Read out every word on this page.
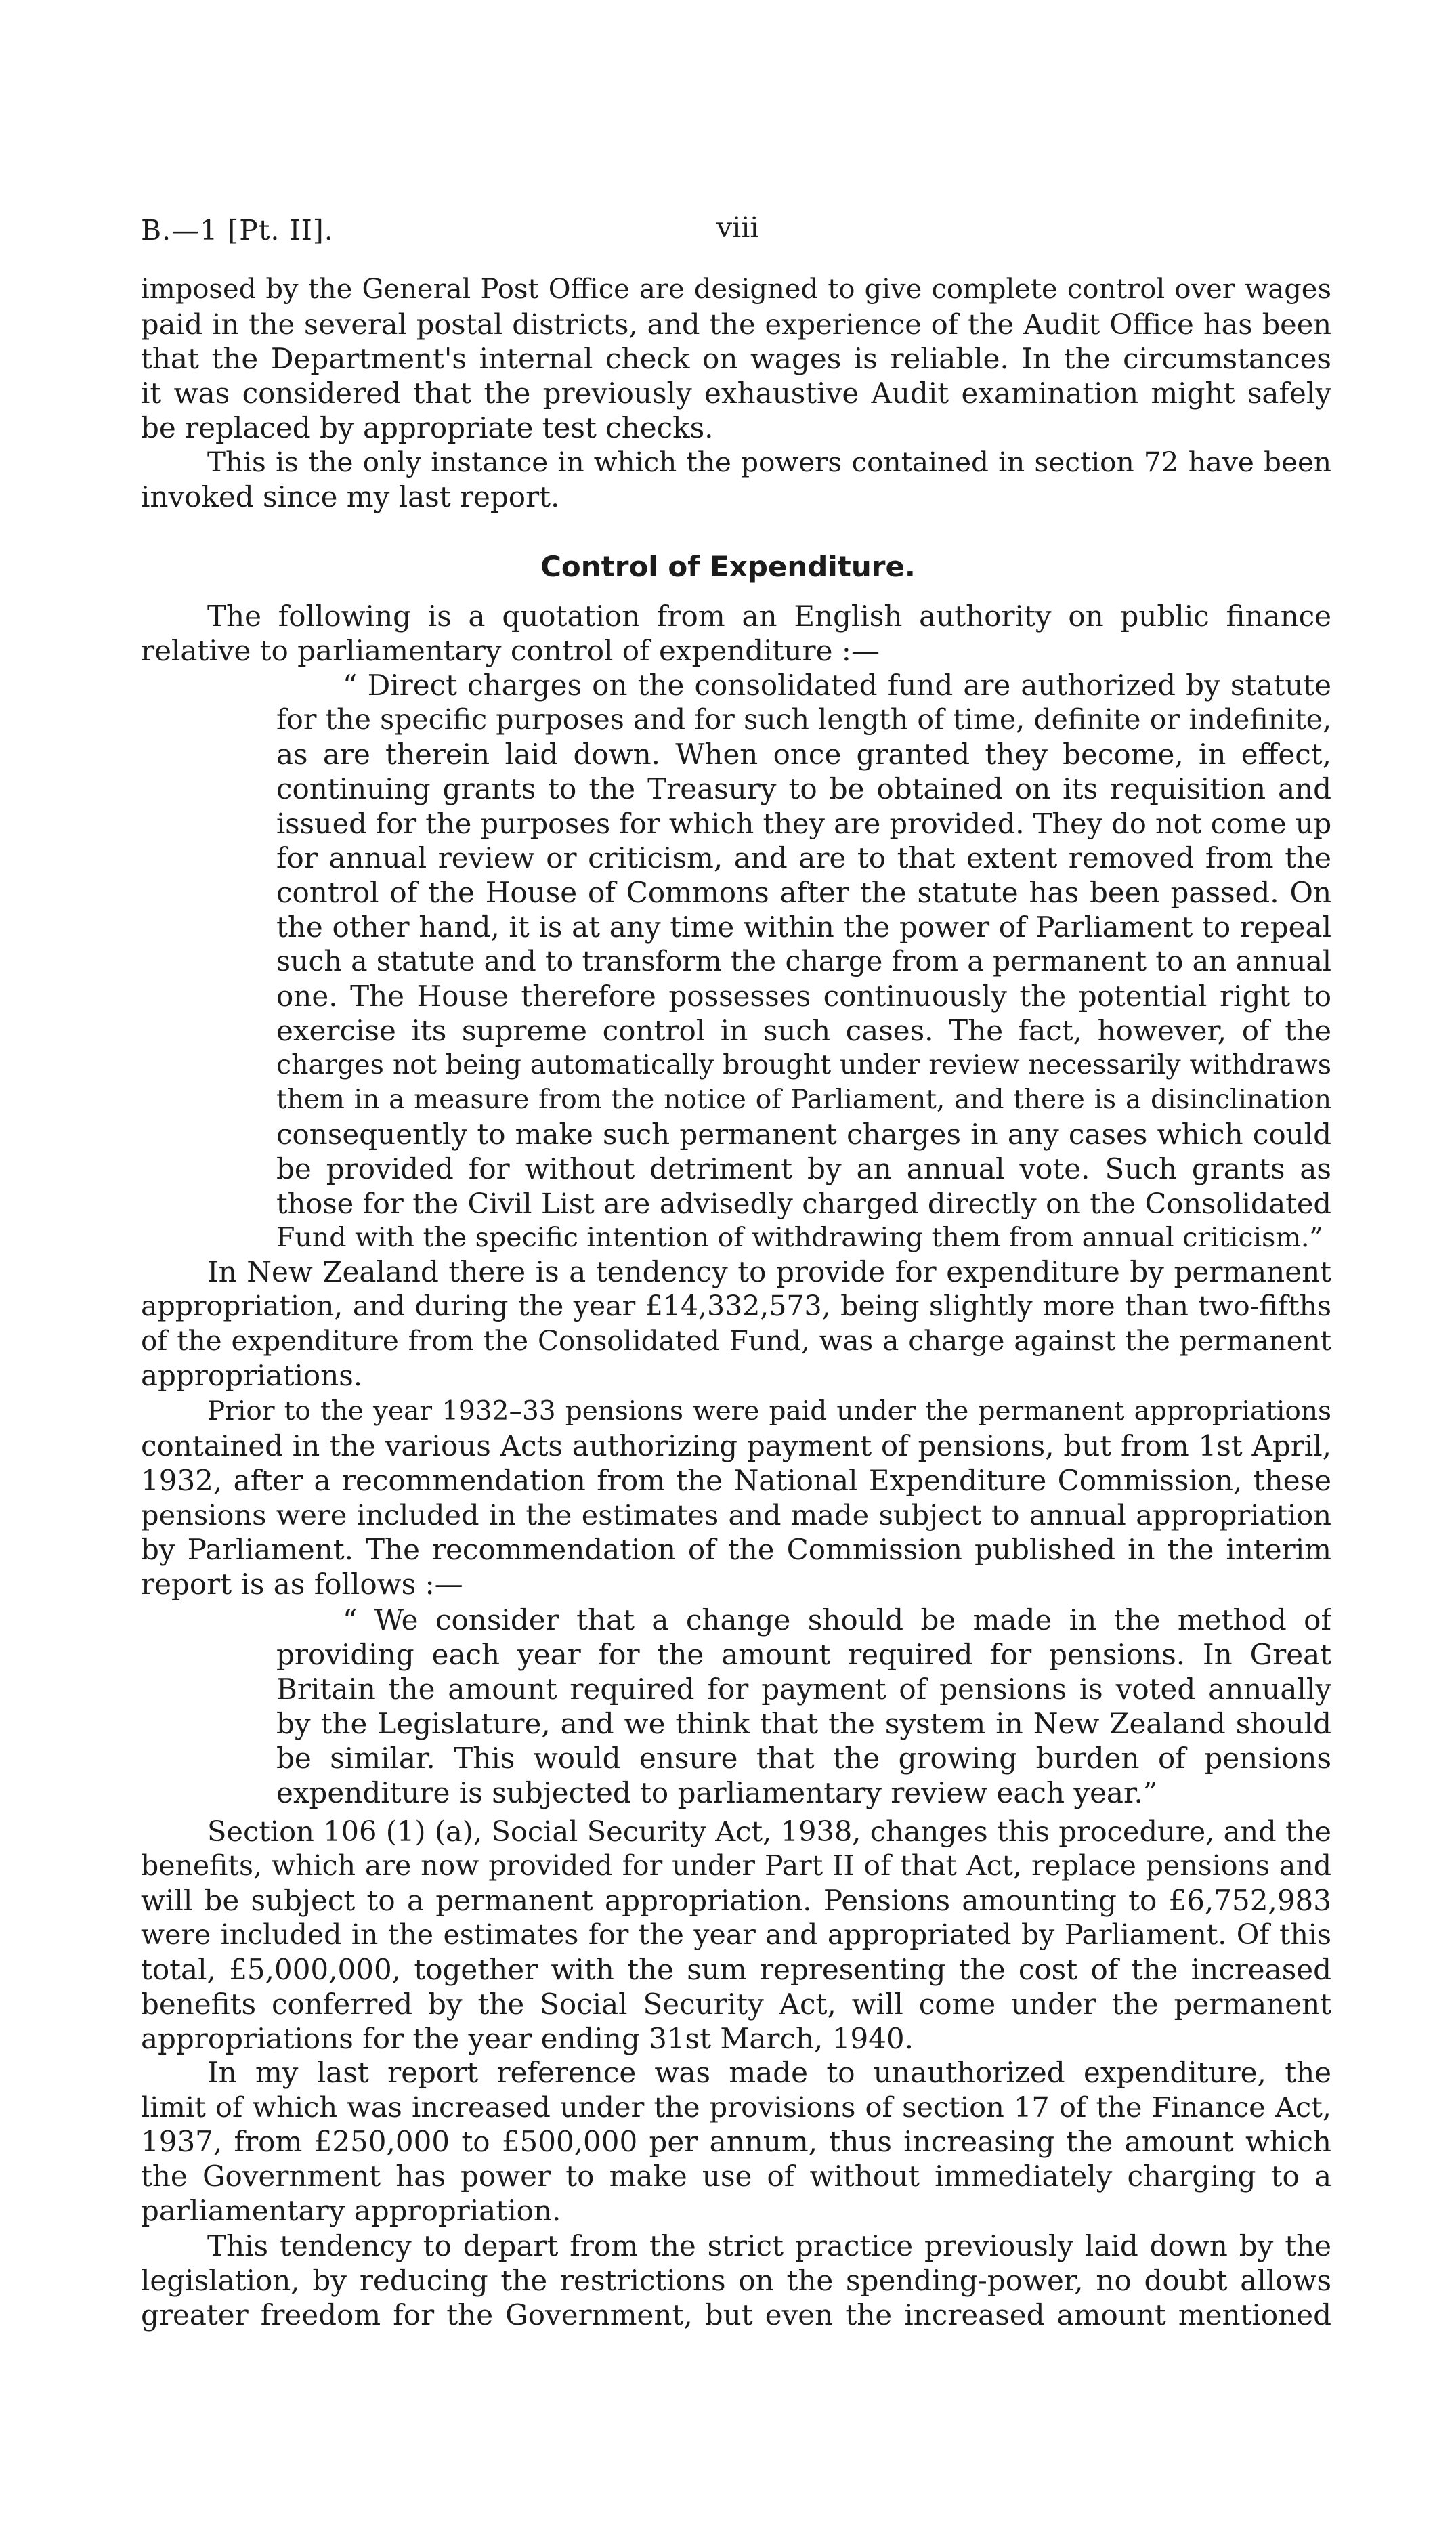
B.—1 [Pt. II].	viii
imposed by the General Post Office are designed to give complete control over wages
paid in the several postal districts, and the experience of the Audit Office has been
that the Department's internal check on wages is reliable. In the circumstances
it was considered that the previously exhaustive Audit examination might safely
be replaced by appropriate test checks.
This is the only instance in which the powers contained in section 72 have been
invoked since my last report.
Control of Expenditure.
The following is a quotation from an English authority on public finance
relative to parliamentary control of expenditure :—
“ Direct charges on the consolidated fund are authorized by statute
for the specific purposes and for such length of time, definite or indefinite,
as are therein laid down. When once granted they become, in effect,
continuing grants to the Treasury to be obtained on its requisition and
issued for the purposes for which they are provided. They do not come up
for annual review or criticism, and are to that extent removed from the
control of the House of Commons after the statute has been passed. On
the other hand, it is at any time within the power of Parliament to repeal
such a statute and to transform the charge from a permanent to an annual
one. The House therefore possesses continuously the potential right to
exercise its supreme control in such cases. The fact, however, of the
charges not being automatically brought under review necessarily withdraws
them in a measure from the notice of Parliament, and there is a disinclination
consequently to make such permanent charges in any cases which could
be provided for without detriment by an annual vote. Such grants as
those for the Civil List are advisedly charged directly on the Consolidated
Fund with the specific intention of withdrawing them from annual criticism.”
In New Zealand there is a tendency to provide for expenditure by permanent
appropriation, and during the year £14,332,573, being slightly more than two-fifths
of the expenditure from the Consolidated Fund, was a charge against the permanent
appropriations.
Prior to the year 1932–33 pensions were paid under the permanent appropriations
contained in the various Acts authorizing payment of pensions, but from 1st April,
1932, after a recommendation from the National Expenditure Commission, these
pensions were included in the estimates and made subject to annual appropriation
by Parliament. The recommendation of the Commission published in the interim
report is as follows :—
“ We consider that a change should be made in the method of
providing each year for the amount required for pensions. In Great
Britain the amount required for payment of pensions is voted annually
by the Legislature, and we think that the system in New Zealand should
be similar. This would ensure that the growing burden of pensions
expenditure is subjected to parliamentary review each year.”
Section 106 (1) (a), Social Security Act, 1938, changes this procedure, and the
benefits, which are now provided for under Part II of that Act, replace pensions and
will be subject to a permanent appropriation. Pensions amounting to £6,752,983
were included in the estimates for the year and appropriated by Parliament. Of this
total, £5,000,000, together with the sum representing the cost of the increased
benefits conferred by the Social Security Act, will come under the permanent
appropriations for the year ending 31st March, 1940.
In my last report reference was made to unauthorized expenditure, the
limit of which was increased under the provisions of section 17 of the Finance Act,
1937, from £250,000 to £500,000 per annum, thus increasing the amount which
the Government has power to make use of without immediately charging to a
parliamentary appropriation.
This tendency to depart from the strict practice previously laid down by the
legislation, by reducing the restrictions on the spending-power, no doubt allows
greater freedom for the Government, but even the increased amount mentioned
